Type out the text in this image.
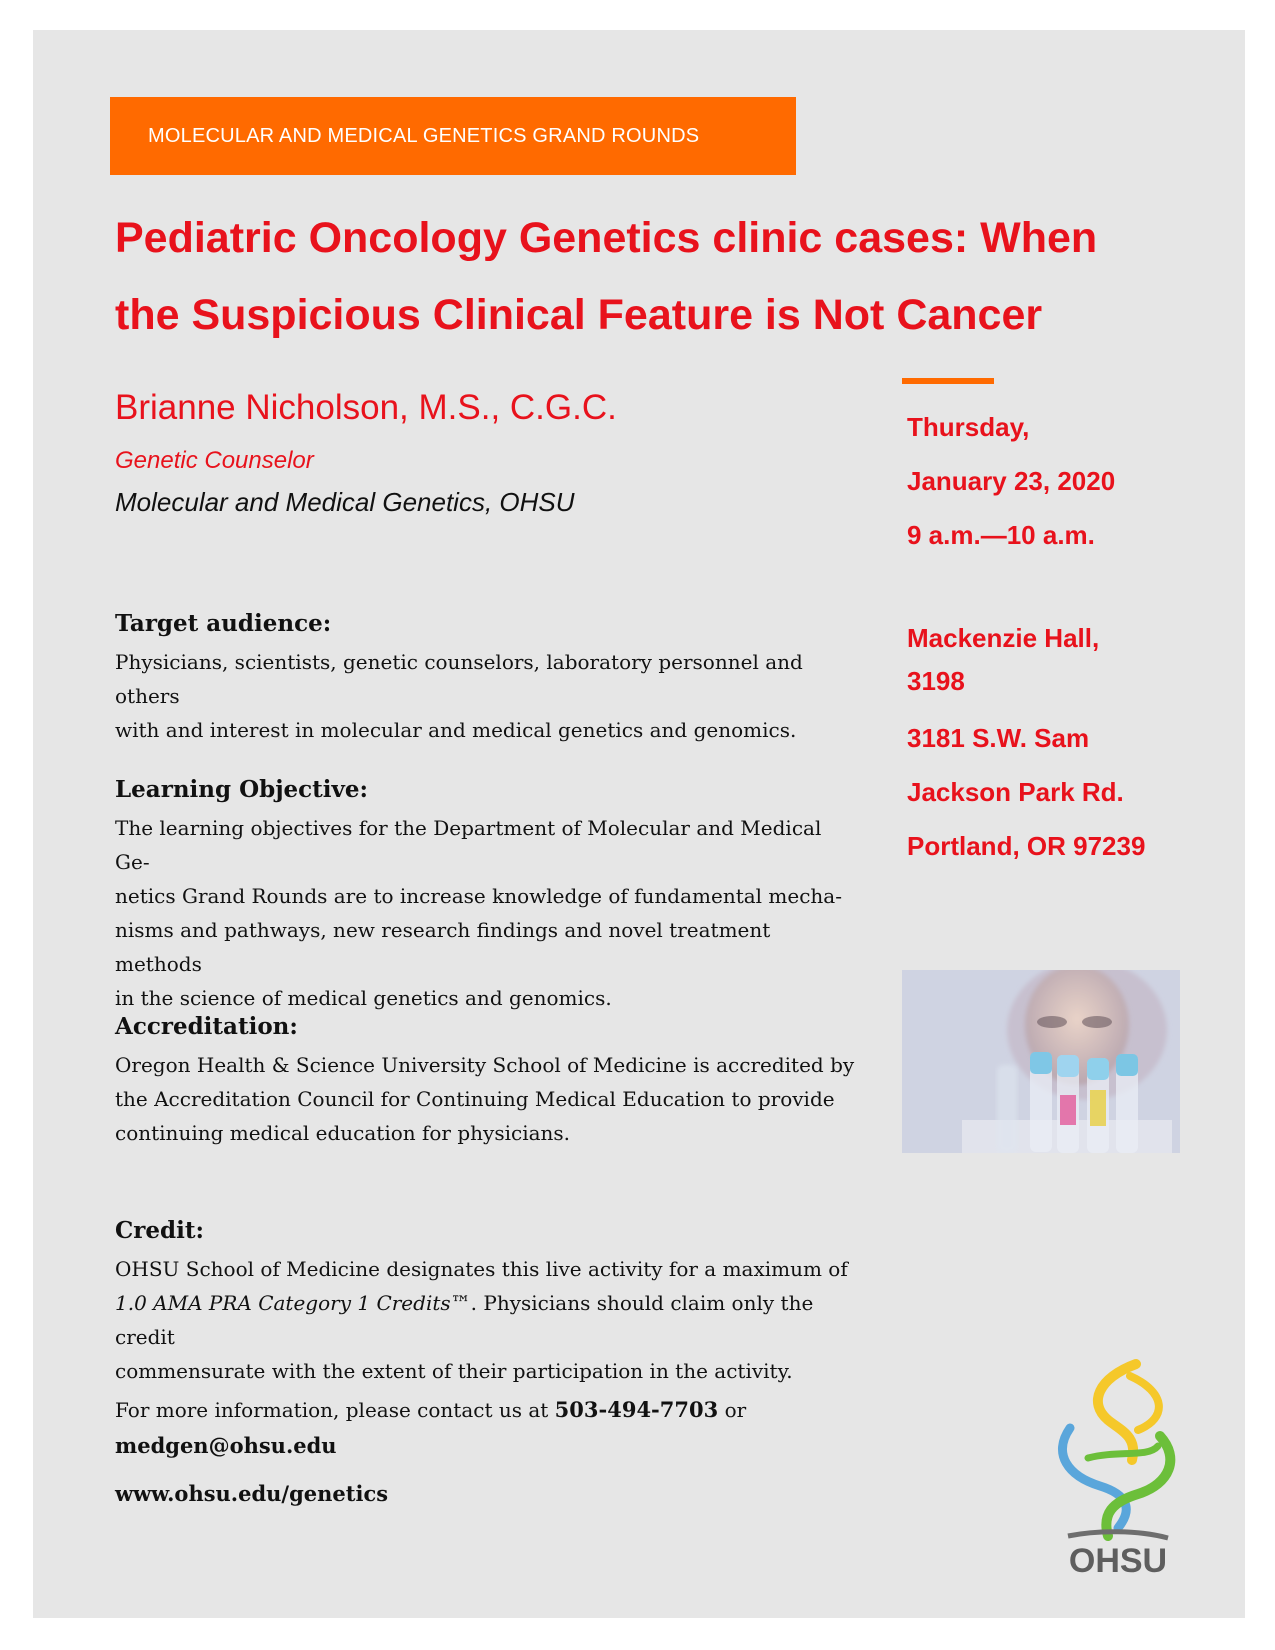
MOLECULAR AND MEDICAL GENETICS GRAND ROUNDS
Pediatric Oncology Genetics clinic cases: When
the Suspicious Clinical Feature is Not Cancer
Brianne Nicholson, M.S., C.G.C.
Genetic Counselor
Molecular and Medical Genetics, OHSU
Target audience:

Physicians, scientists, genetic counselors, laboratory personnel and others
with and interest in molecular and medical genetics and genomics.

Learning Objective:

The learning objectives for the Department of Molecular and Medical Ge-
netics Grand Rounds are to increase knowledge of fundamental mecha-
nisms and pathways, new research findings and novel treatment methods
in the science of medical genetics and genomics.

Accreditation:

Oregon Health & Science University School of Medicine is accredited by
the Accreditation Council for Continuing Medical Education to provide
continuing medical education for physicians.

Credit:

OHSU School of Medicine designates this live activity for a maximum of
1.0 AMA PRA Category 1 Credits™. Physicians should claim only the credit
commensurate with the extent of their participation in the activity.

Thursday,
January 23, 2020
9 a.m.—10 a.m.
Mackenzie Hall,
3198
3181 S.W. Sam
Jackson Park Rd.
Portland, OR 97239
For more information, please contact us at 503-494-7703 or
medgen@ohsu.edu
www.ohsu.edu/genetics
OHSU
